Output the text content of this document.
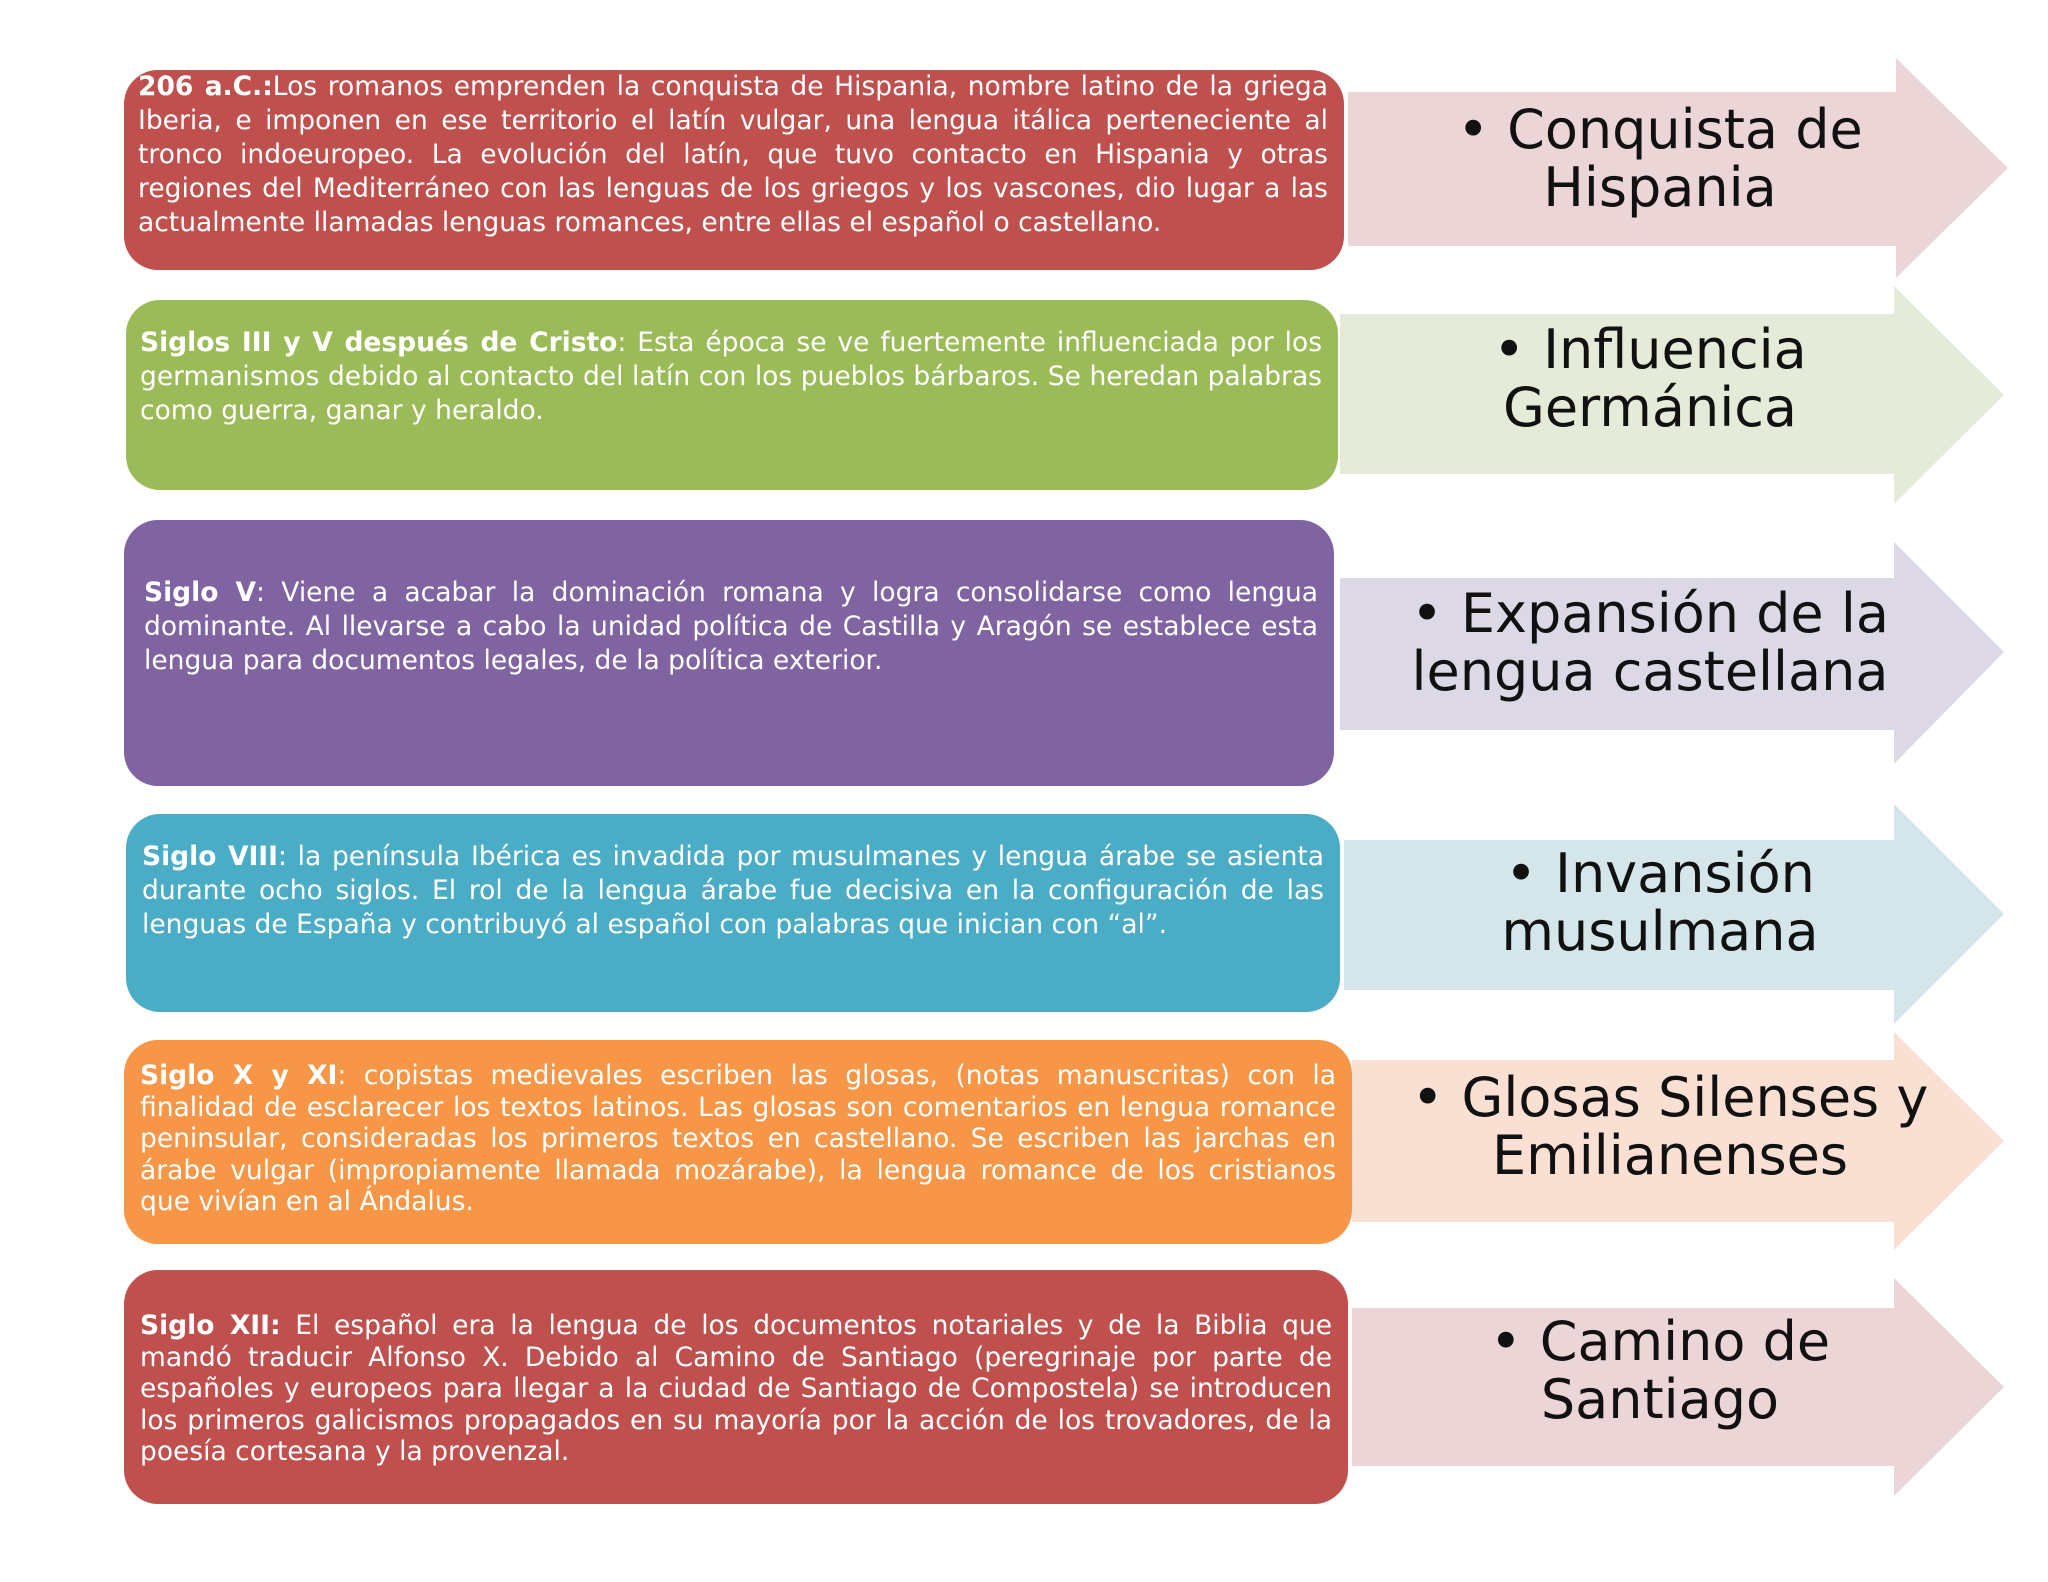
• Conquista de Hispania
206 a.C.:Los romanos emprenden la conquista de Hispania, nombre latino de la griega Iberia, e imponen en ese territorio el latín vulgar, una lengua itálica perteneciente al tronco indoeuropeo. La evolución del latín, que tuvo contacto en Hispania y otras regiones del Mediterráneo con las lenguas de los griegos y los vascones, dio lugar a las actualmente llamadas lenguas romances, entre ellas el español o castellano.
• Influencia Germánica
Siglos III y V después de Cristo: Esta época se ve fuertemente influenciada por los germanismos debido al contacto del latín con los pueblos bárbaros. Se heredan palabras como guerra, ganar y heraldo.
• Expansión de la lengua castellana
Siglo V: Viene a acabar la dominación romana y logra consolidarse como lengua dominante. Al llevarse a cabo la unidad política de Castilla y Aragón se establece esta lengua para documentos legales, de la política exterior.
• Invansión musulmana
Siglo VIII: la península Ibérica es invadida por musulmanes y lengua árabe se asienta durante ocho siglos. El rol de la lengua árabe fue decisiva en la configuración de las lenguas de España y contribuyó al español con palabras que inician con “al”.
• Glosas Silenses y Emilianenses
Siglo X y XI: copistas medievales escriben las glosas, (notas manuscritas) con la finalidad de esclarecer los textos latinos. Las glosas son comentarios en lengua romance peninsular, consideradas los primeros textos en castellano. Se escriben las jarchas en árabe vulgar (impropiamente llamada mozárabe), la lengua romance de los cristianos que vivían en al Ándalus.
• Camino de Santiago
Siglo XII: El español era la lengua de los documentos notariales y de la Biblia que mandó traducir Alfonso X. Debido al Camino de Santiago (peregrinaje por parte de españoles y europeos para llegar a la ciudad de Santiago de Compostela) se introducen los primeros galicismos propagados en su mayoría por la acción de los trovadores, de la poesía cortesana y la provenzal.
